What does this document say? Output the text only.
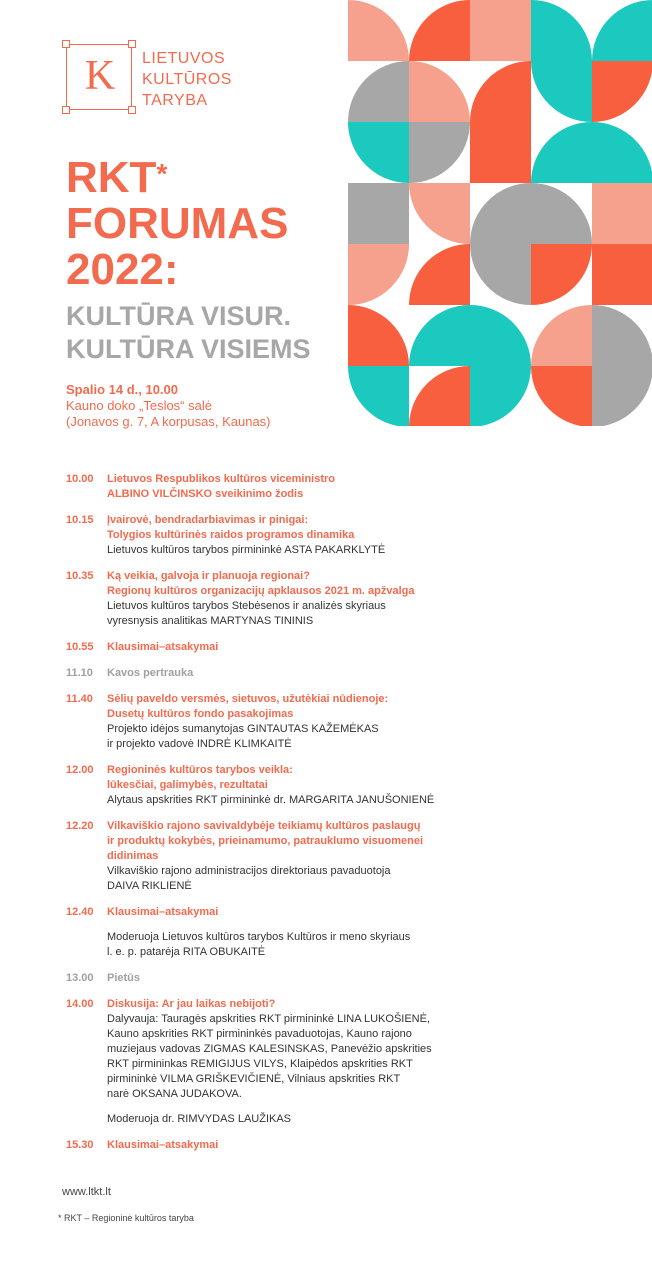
K	LIETUVOS
KULTŪROS
TARYBA
RKT*
FORUMAS
2022:
KULTŪRA VISUR.
KULTŪRA VISIEMS
Spalio 14 d., 10.00
Kauno doko „Teslos“ salė
(Jonavos g. 7, A korpusas, Kaunas)
10.00	Lietuvos Respublikos kultūros viceministro
ALBINO VILČINSKO sveikinimo žodis
10.15	Įvairovė, bendradarbiavimas ir pinigai:
Tolygios kultūrinės raidos programos dinamika
Lietuvos kultūros tarybos pirmininkė ASTA PAKARKLYTĖ
10.35	Ką veikia, galvoja ir planuoja regionai?
Regionų kultūros organizacijų apklausos 2021 m. apžvalga
Lietuvos kultūros tarybos Stebėsenos ir analizės skyriaus
vyresnysis analitikas MARTYNAS TININIS
10.55	Klausimai–atsakymai
11.10	Kavos pertrauka
11.40	Sėlių paveldo versmės, sietuvos, užutėkiai nūdienoje:
Dusetų kultūros fondo pasakojimas
Projekto idėjos sumanytojas GINTAUTAS KAŽEMĖKAS
ir projekto vadovė INDRĖ KLIMKAITĖ
12.00	Regioninės kultūros tarybos veikla:
lūkesčiai, galimybės, rezultatai
Alytaus apskrities RKT pirmininkė dr. MARGARITA JANUŠONIENĖ
12.20	Vilkaviškio rajono savivaldybėje teikiamų kultūros paslaugų
ir produktų kokybės, prieinamumo, patrauklumo visuomenei
didinimas
Vilkaviškio rajono administracijos direktoriaus pavaduotoja
DAIVA RIKLIENĖ
12.40	Klausimai–atsakymai
Moderuoja Lietuvos kultūros tarybos Kultūros ir meno skyriaus
l. e. p. patarėja RITA OBUKAITĖ
13.00	Pietūs
14.00	Diskusija: Ar jau laikas nebijoti?
Dalyvauja: Tauragės apskrities RKT pirmininkė LINA LUKOŠIENĖ,
Kauno apskrities RKT pirmininkės pavaduotojas, Kauno rajono
muziejaus vadovas ZIGMAS KALESINSKAS, Panevėžio apskrities
RKT pirmininkas REMIGIJUS VILYS, Klaipėdos apskrities RKT
pirmininkė VILMA GRIŠKEVIČIENĖ, Vilniaus apskrities RKT
narė OKSANA JUDAKOVA.
Moderuoja dr. RIMVYDAS LAUŽIKAS
15.30	Klausimai–atsakymai
www.ltkt.lt
* RKT – Regioninė kultūros taryba
